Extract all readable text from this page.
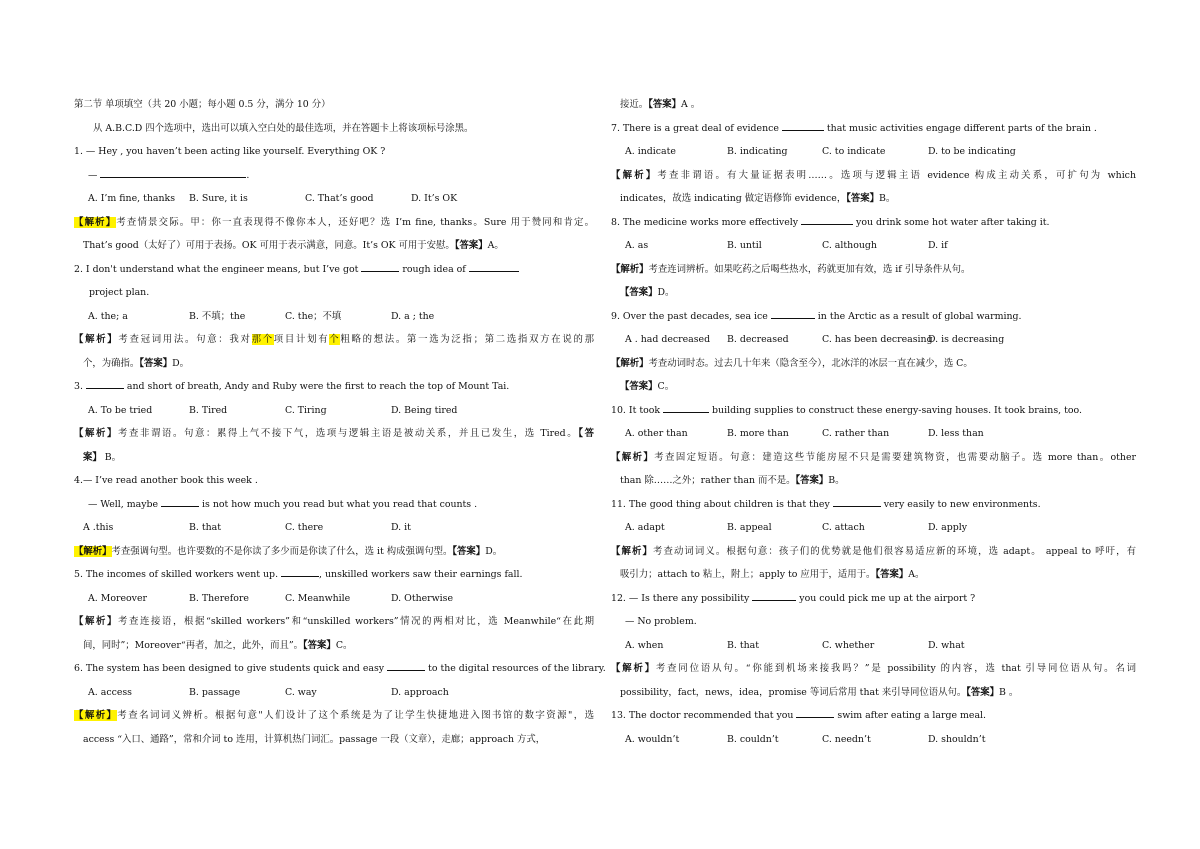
第二节 单项填空（共 20 小题；每小题 0.5 分，满分 10 分）
从 A.B.C.D 四个选项中，选出可以填入空白处的最佳选项，并在答题卡上将该项标号涂黑。
1. — Hey , you haven’t been acting like yourself. Everything OK ?
—	.
A. I’m fine, thanks B. Sure, it is	C. That’s good	D. It’s OK
【解析】考查情景交际。甲：你一直表现得不像你本人，还好吧？选 I’m fine, thanks。Sure 用于赞同和肯定。
That’s good（太好了）可用于表扬。OK 可用于表示满意，同意。It’s OK 可用于安慰。【答案】A。
2. I don't understand what the engineer means, but I’ve got	rough idea of
project plan.
A. the; a	B. 不填；the	C. the；不填	D. a ; the
【解析】考查冠词用法。句意：我对那个项目计划有个粗略的想法。第一选为泛指；第二选指双方在说的那
个，为确指。【答案】D。
3.	and short of breath, Andy and Ruby were the first to reach the top of Mount Tai.
A. To be tried	B. Tired	C. Tiring	D. Being tired
【解析】考查非谓语。句意：累得上气不接下气，选项与逻辑主语是被动关系，并且已发生，选 Tired。【答
案】 B。
4.— I’ve read another book this week .
— Well, maybe	is not how much you read but what you read that counts .
A .this	B. that	C. there	D. it
【解析】考查强调句型。也许要数的不是你读了多少而是你读了什么，选 it 构成强调句型。【答案】D。
5. The incomes of skilled workers went up.	, unskilled workers saw their earnings fall.
A. Moreover	B. Therefore	C. Meanwhile	D. Otherwise
【解析】考查连接语，根据“skilled workers”和“unskilled workers”情况的两相对比，选 Meanwhile“在此期
间，同时”；Moreover“再者，加之，此外，而且”。【答案】C。
6. The system has been designed to give students quick and easy	to the digital resources of the library.
A. access	B. passage	C. way	D. approach
【解析】考查名词词义辨析。根据句意"人们设计了这个系统是为了让学生快捷地进入图书馆的数字资源"，选
access “入口、通路”，常和介词 to 连用，计算机热门词汇。passage 一段（文章），走廊；approach 方式，
接近。【答案】A 。
7. There is a great deal of evidence	that music activities engage different parts of the brain .
A. indicate	B. indicating	C. to indicate	D. to be indicating
【解析】考查非谓语。有大量证据表明……。选项与逻辑主语 evidence 构成主动关系，可扩句为 which
indicates，故选 indicating 做定语修饰 evidence，【答案】B。
8. The medicine works more effectively	you drink some hot water after taking it.
A. as	B. until	C. although	D. if
【解析】考查连词辨析。如果吃药之后喝些热水，药就更加有效，选 if 引导条件从句。
【答案】D。
9. Over the past decades, sea ice	in the Arctic as a result of global warming.
A . had decreased B. decreased	C. has been decreasingD. is decreasing
【解析】考查动词时态。过去几十年来（隐含至今），北冰洋的冰层一直在减少，选 C。
【答案】C。
10. It took	building supplies to construct these energy-saving houses. It took brains, too.
A. other than	B. more than	C. rather than	D. less than
【解析】考查固定短语。句意：建造这些节能房屋不只是需要建筑物资，也需要动脑子。选 more than。other
than 除……之外；rather than 而不是。【答案】B。
11. The good thing about children is that they	very easily to new environments.
A. adapt	B. appeal	C. attach	D. apply
【解析】考查动词词义。根据句意：孩子们的优势就是他们很容易适应新的环境，选 adapt。 appeal to 呼吁，有
吸引力；attach to 粘上，附上；apply to 应用于，适用于。【答案】A。
12. — Is there any possibility	you could pick me up at the airport ?
— No problem.
A. when	B. that	C. whether	D. what
【解析】考查同位语从句。“你能到机场来接我吗？”是 possibility 的内容，选 that 引导同位语从句。名词
possibility，fact，news，idea，promise 等词后常用 that 来引导同位语从句。【答案】B 。
13. The doctor recommended that you	swim after eating a large meal.
A. wouldn’t	B. couldn’t	C. needn’t	D. shouldn’t
